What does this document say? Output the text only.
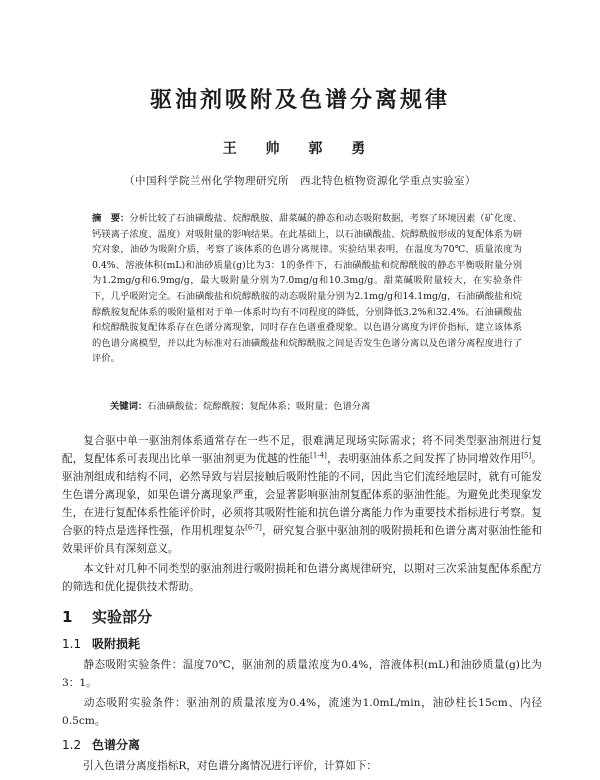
驱油剂吸附及色谱分离规律
王 帅 郭 勇
（中国科学院兰州化学物理研究所　西北特色植物资源化学重点实验室）
摘　要：分析比较了石油磺酸盐、烷醇酰胺、甜菜碱的静态和动态吸附数据，考察了环境因素（矿化度、钙镁离子浓度、温度）对吸附量的影响结果。在此基础上，以石油磺酸盐、烷醇酰胺形成的复配体系为研究对象，油砂为吸附介质，考察了该体系的色谱分离规律。实验结果表明，在温度为70℃、质量浓度为0.4%、溶液体积(mL)和油砂质量(g)比为3：1的条件下，石油磺酸盐和烷醇酰胺的静态平衡吸附量分别为1.2mg/g和6.9mg/g，最大吸附量分别为7.0mg/g和10.3mg/g。甜菜碱吸附量较大，在实验条件下，几乎吸附完全。石油磺酸盐和烷醇酰胺的动态吸附量分别为2.1mg/g和14.1mg/g，石油磺酸盐和烷醇酰胺复配体系的吸附量相对于单一体系时均有不同程度的降低，分别降低3.2%和32.4%。石油磺酸盐和烷醇酰胺复配体系存在色谱分离现象，同时存在色谱重叠现象。以色谱分离度为评价指标，建立该体系的色谱分离模型，并以此为标准对石油磺酸盐和烷醇酰胺之间是否发生色谱分离以及色谱分离程度进行了评价。
关键词：石油磺酸盐；烷醇酰胺；复配体系；吸附量；色谱分离
复合驱中单一驱油剂体系通常存在一些不足，很难满足现场实际需求；将不同类型驱油剂进行复配，复配体系可表现出比单一驱油剂更为优越的性能[1-4]，表明驱油体系之间发挥了协同增效作用[5]。驱油剂组成和结构不同，必然导致与岩层接触后吸附性能的不同，因此当它们流经地层时，就有可能发生色谱分离现象，如果色谱分离现象严重，会显著影响驱油剂复配体系的驱油性能。为避免此类现象发生，在进行复配体系性能评价时，必须将其吸附性能和抗色谱分离能力作为重要技术指标进行考察。复合驱的特点是选择性强，作用机理复杂[6-7]，研究复合驱中驱油剂的吸附损耗和色谱分离对驱油性能和效果评价具有深刻意义。
本文针对几种不同类型的驱油剂进行吸附损耗和色谱分离规律研究，以期对三次采油复配体系配方的筛选和优化提供技术帮助。
1 实验部分
1.1 吸附损耗
静态吸附实验条件：温度70℃，驱油剂的质量浓度为0.4%，溶液体积(mL)和油砂质量(g)比为3：1。
动态吸附实验条件：驱油剂的质量浓度为0.4%，流速为1.0mL/min，油砂柱长15cm、内径0.5cm。
1.2 色谱分离
引入色谱分离度指标R，对色谱分离情况进行评价，计算如下：
